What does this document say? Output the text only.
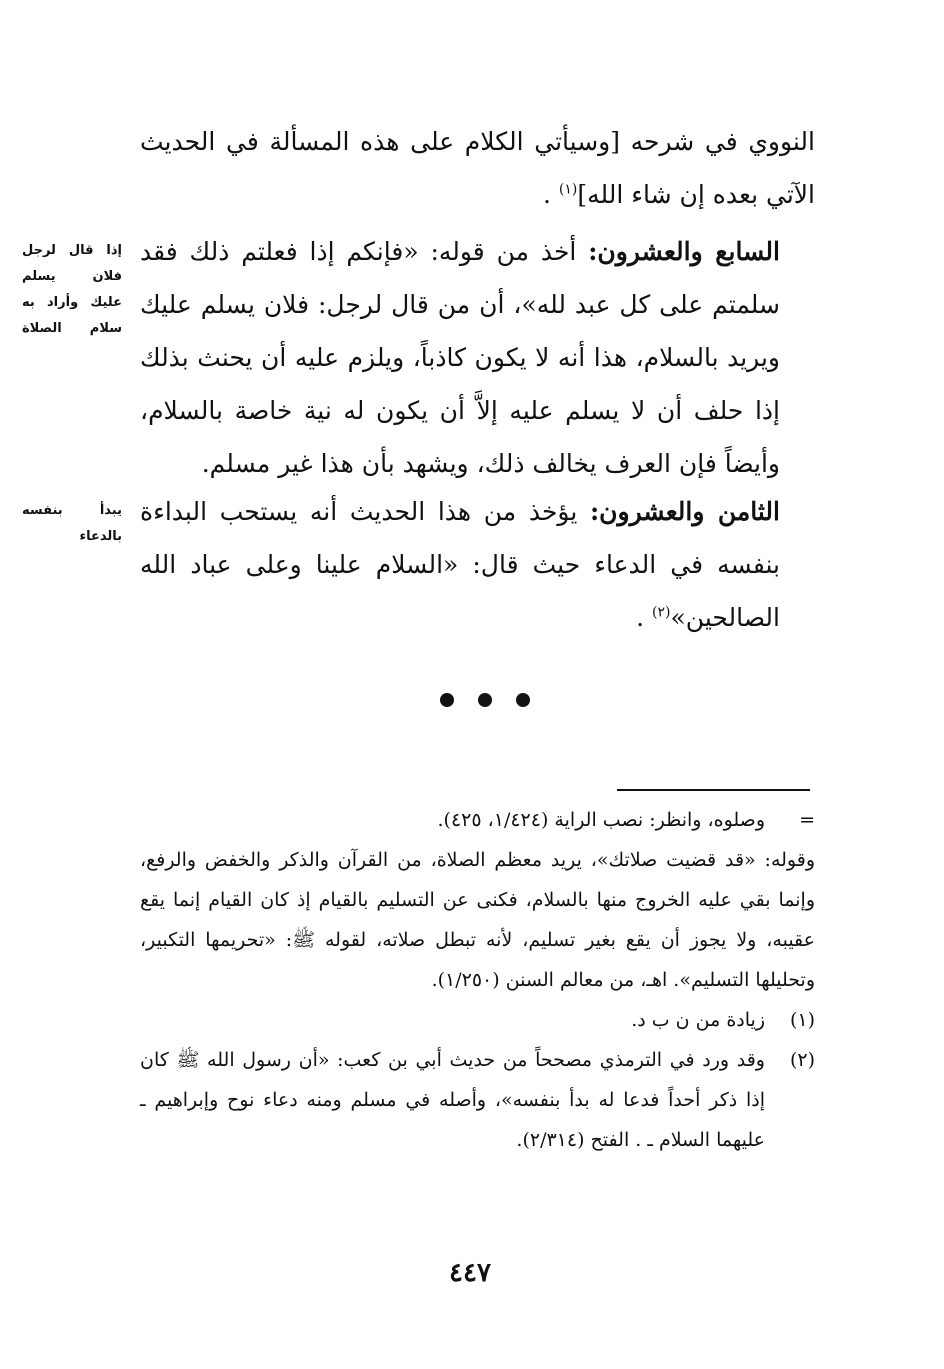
النووي في شرحه [وسيأتي الكلام على هذه المسألة في الحديث الآتي بعده إن شاء الله]$^{(١)}$ .

السابع والعشرون: أخذ من قوله: «فإنكم إذا فعلتم ذلك فقد سلمتم على كل عبد لله»، أن من قال لرجل: فلان يسلم عليك ويريد بالسلام، هذا أنه لا يكون كاذباً، ويلزم عليه أن يحنث بذلك إذا حلف أن لا يسلم عليه إلاَّ أن يكون له نية خاصة بالسلام، وأيضاً فإن العرف يخالف ذلك، ويشهد بأن هذا غير مسلم.

الثامن والعشرون: يؤخذ من هذا الحديث أنه يستحب البداءة بنفسه في الدعاء حيث قال: «السلام علينا وعلى عباد الله الصالحين»$^{(٢)}$ .

إذا قال لرجل فلان يسلم عليك وأراد به سلام الصلاة
يبدأ بنفسه بالدعاء
=
وصلوه، وانظر: نصب الراية (١/٤٢٤، ٤٢٥).
وقوله: «قد قضيت صلاتك»، يريد معظم الصلاة، من القرآن والذكر والخفض والرفع، وإنما بقي عليه الخروج منها بالسلام، فكنى عن التسليم بالقيام إذ كان القيام إنما يقع عقيبه، ولا يجوز أن يقع بغير تسليم، لأنه تبطل صلاته، لقوله ﷺ: «تحريمها التكبير، وتحليلها التسليم». اهـ، من معالم السنن (١/٢٥٠).
(١)
زيادة من ن ب د.
(٢)
وقد ورد في الترمذي مصححاً من حديث أبي بن كعب: «أن رسول الله ﷺ كان إذا ذكر أحداً فدعا له بدأ بنفسه»، وأصله في مسلم ومنه دعاء نوح وإبراهيم ـ عليهما السلام ـ . الفتح (٢/٣١٤).
٤٤٧
